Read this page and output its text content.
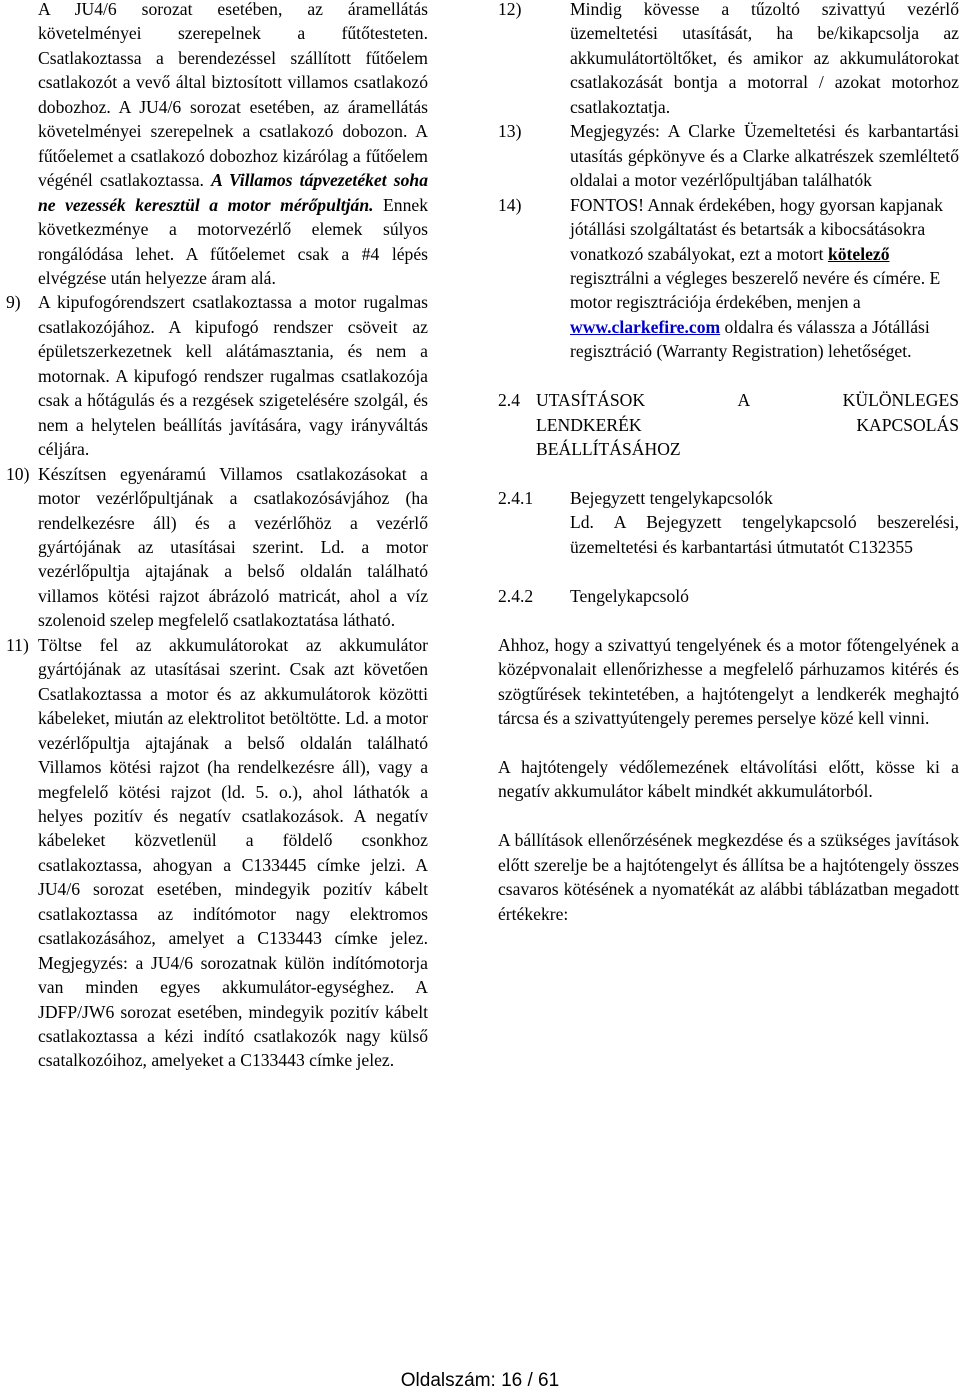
A JU4/6 sorozat esetében, az áramellátás követelményei szerepelnek a fűtőtesteten. Csatlakoztassa a berendezéssel szállított fűtőelem csatlakozót a vevő által biztosított villamos csatlakozó dobozhoz. A JU4/6 sorozat esetében, az áramellátás követelményei szerepelnek a csatlakozó dobozon. A fűtőelemet a csatlakozó dobozhoz kizárólag a fűtőelem végénél csatlakoztassa. A Villamos tápvezetéket soha ne vezessék keresztül a motor mérőpultján. Ennek következménye a motorvezérlő elemek súlyos rongálódása lehet. A fűtőelemet csak a #4 lépés elvégzése után helyezze áram alá.

9) A kipufogórendszert csatlakoztassa a motor rugalmas csatlakozójához. A kipufogó rendszer csöveit az épületszerkezetnek kell alátámasztania, és nem a motornak. A kipufogó rendszer rugalmas csatlakozója csak a hőtágulás és a rezgések szigetelésére szolgál, és nem a helytelen beállítás javítására, vagy irányváltás céljára.

10) Készítsen egyenáramú Villamos csatlakozásokat a motor vezérlőpultjának a csatlakozósávjához (ha rendelkezésre áll) és a vezérlőhöz a vezérlő gyártójának az utasításai szerint. Ld. a motor vezérlőpultja ajtajának a belső oldalán található villamos kötési rajzot ábrázoló matricát, ahol a víz szolenoid szelep megfelelő csatlakoztatása látható.

11) Töltse fel az akkumulátorokat az akkumulátor gyártójának az utasításai szerint. Csak azt követően Csatlakoztassa a motor és az akkumulátorok közötti kábeleket, miután az elektrolitot betöltötte. Ld. a motor vezérlőpultja ajtajának a belső oldalán található Villamos kötési rajzot (ha rendelkezésre áll), vagy a megfelelő kötési rajzot (ld. 5. o.), ahol láthatók a helyes pozitív és negatív csatlakozások. A negatív kábeleket közvetlenül a földelő csonkhoz csatlakoztassa, ahogyan a C133445 címke jelzi. A JU4/6 sorozat esetében, mindegyik pozitív kábelt csatlakoztassa az indítómotor nagy elektromos csatlakozásához, amelyet a C133443 címke jelez. Megjegyzés: a JU4/6 sorozatnak külön indítómotorja van minden egyes akkumulátor-egységhez. A JDFP/JW6 sorozat esetében, mindegyik pozitív kábelt csatlakoztassa a kézi indító csatlakozók nagy külső csatalkozóihoz, amelyeket a C133443 címke jelez.

12)	Mindig kövesse a tűzoltó szivattyú vezérlő üzemeltetési utasítását, ha be/kikapcsolja az akkumulátortöltőket, és amikor az akkumulátorokat csatlakozását bontja a motorral / azokat motorhoz csatlakoztatja.

13)	Megjegyzés: A Clarke Üzemeltetési és karbantartási utasítás gépkönyve és a Clarke alkatrészek szemléltető oldalai a motor vezérlőpultjában találhatók

14)	FONTOS! Annak érdekében, hogy gyorsan kapjanak jótállási szolgáltatást és betartsák a kibocsátásokra vonatkozó szabályokat, ezt a motort kötelező regisztrálni a végleges beszerelő nevére és címére. E motor regisztrációja érdekében, menjen a www.clarkefire.com oldalra és válassza a Jótállási regisztráció (Warranty Registration) lehetőséget.

2.4 UTASÍTÁSOK	A	KÜLÖNLEGES
LENDKERÉK	KAPCSOLÁS
BEÁLLÍTÁSÁHOZ
2.4.1 Bejegyzett tengelykapcsolók

Ld. A Bejegyzett tengelykapcsoló beszerelési, üzemeltetési és karbantartási útmutatót C132355

2.4.2 Tengelykapcsoló

Ahhoz, hogy a szivattyú tengelyének és a motor főtengelyének a középvonalait ellenőrizhesse a megfelelő párhuzamos kitérés és szögtűrések tekintetében, a hajtótengelyt a lendkerék meghajtó tárcsa és a szivattyútengely peremes perselye közé kell vinni.

A hajtótengely védőlemezének eltávolítási előtt, kösse ki a negatív akkumulátor kábelt mindkét akkumulátorból.

A bállítások ellenőrzésének megkezdése és a szükséges javítások előtt szerelje be a hajtótengelyt és állítsa be a hajtótengely összes csavaros kötésének a nyomatékát az alábbi táblázatban megadott értékekre:

Oldalszám: 16 / 61
